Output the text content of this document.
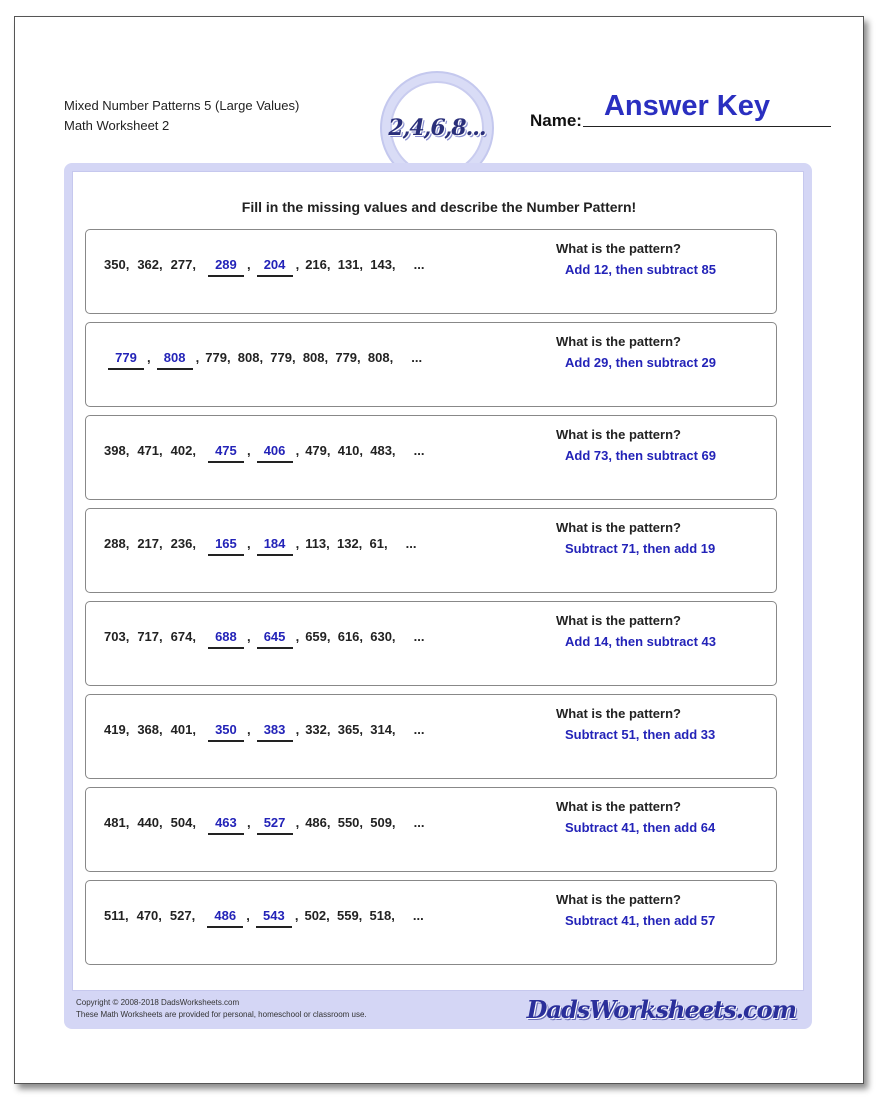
Mixed Number Patterns 5 (Large Values)
Math Worksheet 2	2,4,6,8...	Name: Answer Key
Fill in the missing values and describe the Number Pattern!
350, 362, 277, 289 , 204 , 216,  131,  143,     ...
What is the pattern?
Add 12, then subtract 85
779 , 808 , 779,  808,  779,  808,  779,  808,     ...
What is the pattern?
Add 29, then subtract 29
398, 471, 402, 475 , 406 , 479,  410,  483,     ...
What is the pattern?
Add 73, then subtract 69
288, 217, 236, 165 , 184 , 113,  132,  61,     ...
What is the pattern?
Subtract 71, then add 19
703, 717, 674, 688 , 645 , 659,  616,  630,     ...
What is the pattern?
Add 14, then subtract 43
419, 368, 401, 350 , 383 , 332,  365,  314,     ...
What is the pattern?
Subtract 51, then add 33
481, 440, 504, 463 , 527 , 486,  550,  509,     ...
What is the pattern?
Subtract 41, then add 64
511, 470, 527, 486 , 543 , 502,  559,  518,     ...
What is the pattern?
Subtract 41, then add 57
Copyright © 2008-2018 DadsWorksheets.com
These Math Worksheets are provided for personal, homeschool or classroom use.	DadsWorksheets.com
